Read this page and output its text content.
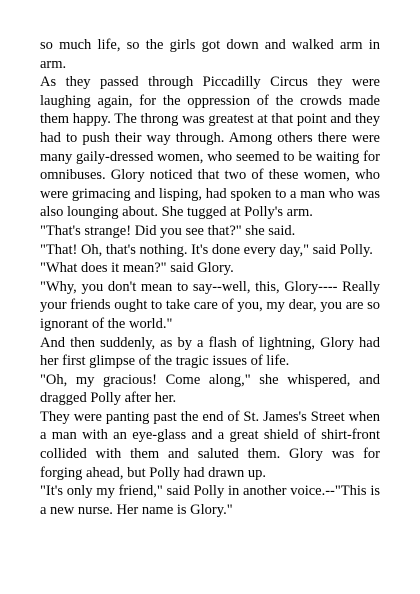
so much life, so the girls got down and walked arm in arm.

As they passed through Piccadilly Circus they were laughing again, for the oppression of the crowds made them happy. The throng was greatest at that point and they had to push their way through. Among others there were many gaily-dressed women, who seemed to be waiting for omnibuses. Glory noticed that two of these women, who were grimacing and lisping, had spoken to a man who was also lounging about. She tugged at Polly's arm.

"That's strange! Did you see that?" she said.

"That! Oh, that's nothing. It's done every day," said Polly.

"What does it mean?" said Glory.

"Why, you don't mean to say--well, this, Glory---- Really your friends ought to take care of you, my dear, you are so ignorant of the world."

And then suddenly, as by a flash of lightning, Glory had her first glimpse of the tragic issues of life.

"Oh, my gracious! Come along," she whispered, and dragged Polly after her.

They were panting past the end of St. James's Street when a man with an eye-glass and a great shield of shirt-front collided with them and saluted them. Glory was for forging ahead, but Polly had drawn up.

"It's only my friend," said Polly in another voice.--"This is a new nurse. Her name is Glory."
